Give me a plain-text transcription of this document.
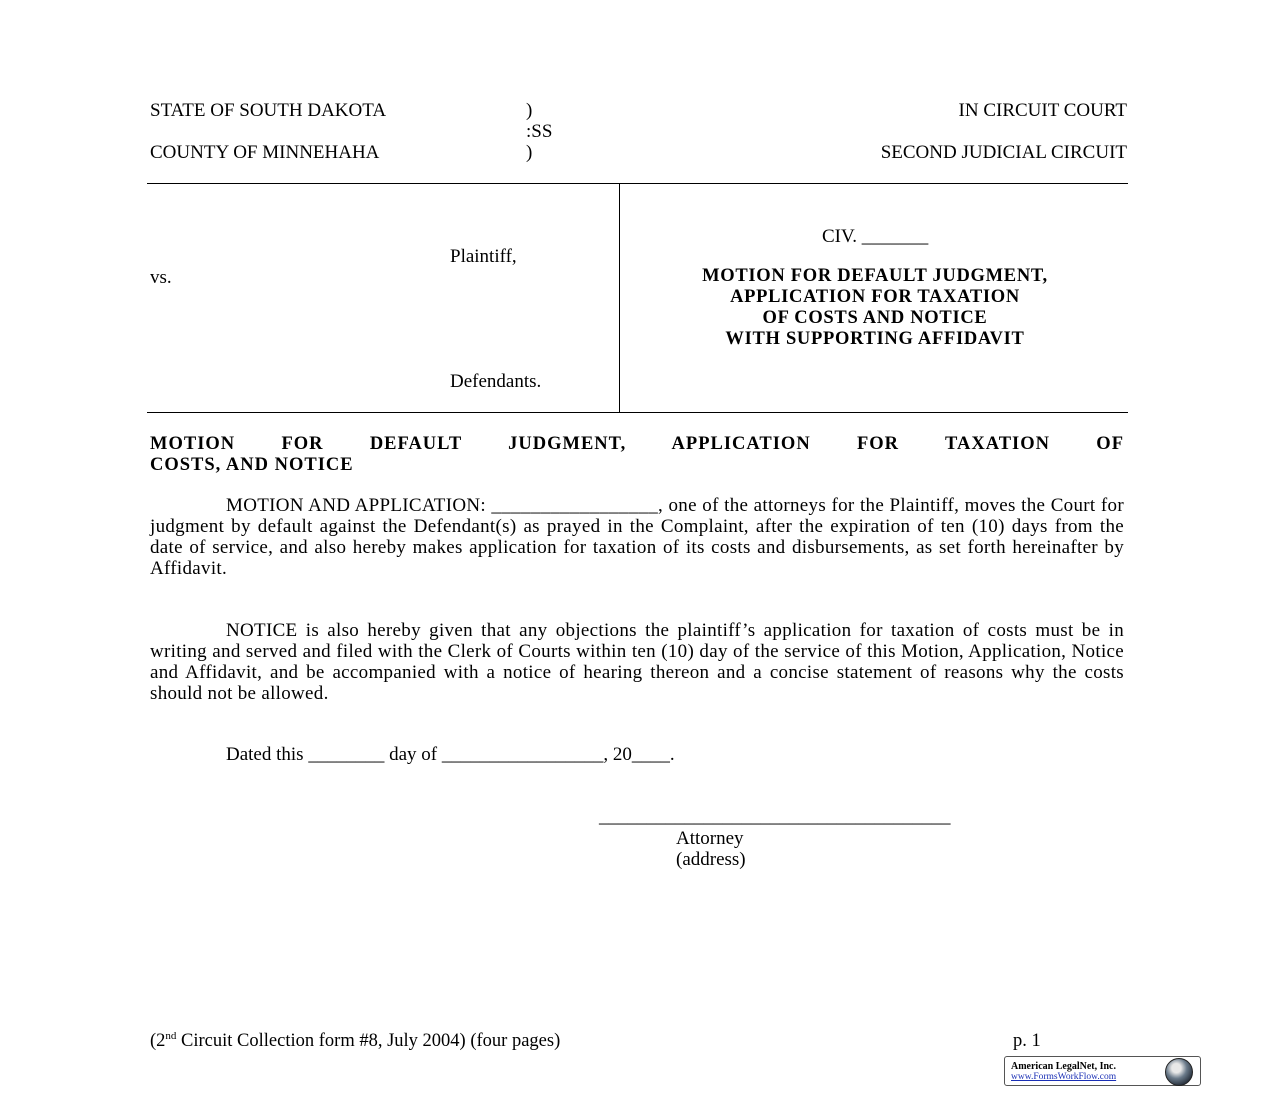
STATE OF SOUTH DAKOTA
COUNTY OF MINNEHAHA
)
:SS
)
IN CIRCUIT COURT
SECOND JUDICIAL CIRCUIT
Plaintiff,
vs.
Defendants.
CIV. _______
MOTION FOR DEFAULT JUDGMENT,
APPLICATION FOR TAXATION
OF COSTS AND NOTICE
WITH SUPPORTING AFFIDAVIT
MOTION FOR DEFAULT JUDGMENT, APPLICATION FOR TAXATION OF
COSTS, AND NOTICE
MOTION AND APPLICATION: _________________, one of the attorneys for the Plaintiff, moves the Court for judgment by default against the Defendant(s) as prayed in the Complaint, after the expiration of ten (10) days from the date of service, and also hereby makes application for taxation of its costs and disbursements, as set forth hereinafter by Affidavit.
NOTICE is also hereby given that any objections the plaintiff’s application for taxation of costs must be in writing and served and filed with the Clerk of Courts within ten (10) day of the service of this Motion, Application, Notice and Affidavit, and be accompanied with a notice of hearing thereon and a concise statement of reasons why the costs should not be allowed.
Dated this ________ day of _________________, 20____.
_____________________________________
Attorney
(address)
(2nd Circuit Collection form #8, July 2004) (four pages)	p. 1
American LegalNet, Inc.
www.FormsWorkFlow.com
